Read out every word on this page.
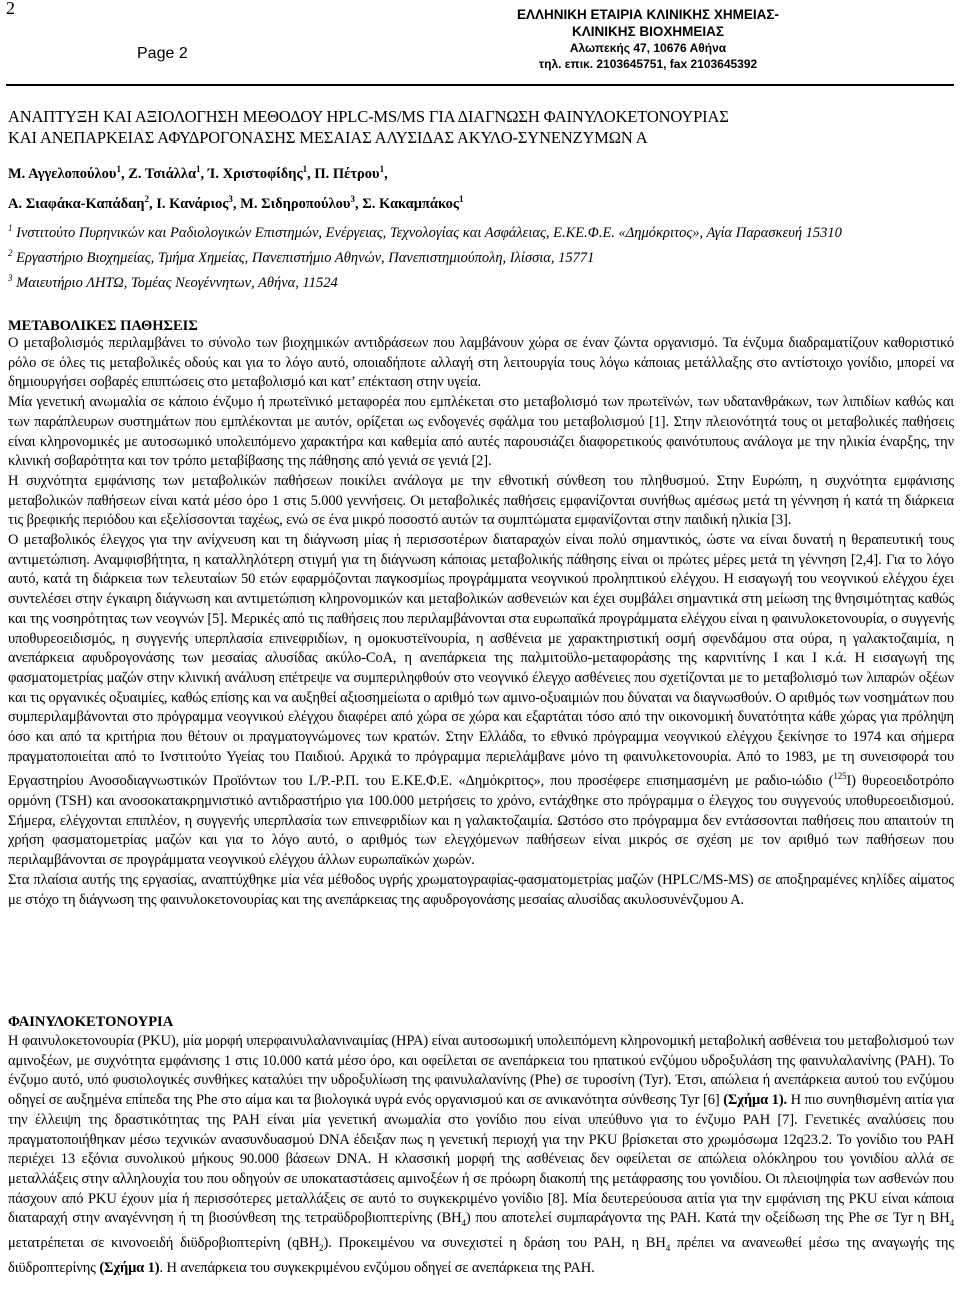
2
Page 2
ΕΛΛΗΝΙΚΗ ΕΤΑΙΡΙΑ ΚΛΙΝΙΚΗΣ ΧΗΜΕΙΑΣ-
ΚΛΙΝΙΚΗΣ ΒΙΟΧΗΜΕΙΑΣ
Αλωπεκής 47, 10676 Αθήνα
τηλ. επικ. 2103645751, fax 2103645392
ΑΝΑΠΤΥΞΗ ΚΑΙ ΑΞΙΟΛΟΓΗΣΗ ΜΕΘΟΔΟΥ HPLC-MS/MS ΓΙΑ ΔΙΑΓΝΩΣΗ ΦΑΙΝΥΛΟΚΕΤΟΝΟΥΡΙΑΣ
ΚΑΙ ΑΝΕΠΑΡΚΕΙΑΣ ΑΦΥΔΡΟΓΟΝΑΣΗΣ ΜΕΣΑΙΑΣ ΑΛΥΣΙΔΑΣ ΑΚΥΛΟ-ΣΥΝΕΝΖΥΜΩΝ Α
Μ. Αγγελοπούλου$^1$, Ζ. Τσιάλλα$^1$, Ί. Χριστοφίδης$^1$, Π. Πέτρου$^1$,
Α. Σιαφάκα-Καπάδαη$^2$, Ι. Κανάριος$^3$, Μ. Σιδηροπούλου$^3$, Σ. Κακαμπάκος$^1$
$^1$ Ινστιτούτο Πυρηνικών και Ραδιολογικών Επιστημών, Ενέργειας, Τεχνολογίας και Ασφάλειας, Ε.ΚΕ.Φ.Ε. «Δημόκριτος», Αγία Παρασκευή 15310
$^2$ Εργαστήριο Βιοχημείας, Τμήμα Χημείας, Πανεπιστήμιο Αθηνών, Πανεπιστημιούπολη, Ιλίσσια, 15771
$^3$ Μαιευτήριο ΛΗΤΩ, Τομέας Νεογέννητων, Αθήνα, 11524
ΜΕΤΑΒΟΛΙΚΕΣ ΠΑΘΗΣΕΙΣ

Ο μεταβολισμός περιλαμβάνει το σύνολο των βιοχημικών αντιδράσεων που λαμβάνουν χώρα σε έναν ζώντα οργανισμό. Τα ένζυμα διαδραματίζουν καθοριστικό ρόλο σε όλες τις μεταβολικές οδούς και για το λόγο αυτό, οποιαδήποτε αλλαγή στη λειτουργία τους λόγω κάποιας μετάλλαξης στο αντίστοιχο γονίδιο, μπορεί να δημιουργήσει σοβαρές επιπτώσεις στο μεταβολισμό και κατ’ επέκταση στην υγεία.

Μία γενετική ανωμαλία σε κάποιο ένζυμο ή πρωτεϊνικό μεταφορέα που εμπλέκεται στο μεταβολισμό των πρωτεϊνών, των υδατανθράκων, των λιπιδίων καθώς και των παράπλευρων συστημάτων που εμπλέκονται με αυτόν, ορίζεται ως ενδογενές σφάλμα του μεταβολισμού [1]. Στην πλειονότητά τους οι μεταβολικές παθήσεις είναι κληρονομικές με αυτοσωμικό υπολειπόμενο χαρακτήρα και καθεμία από αυτές παρουσιάζει διαφορετικούς φαινότυπους ανάλογα με την ηλικία έναρξης, την κλινική σοβαρότητα και τον τρόπο μεταβίβασης της πάθησης από γενιά σε γενιά [2].

Η συχνότητα εμφάνισης των μεταβολικών παθήσεων ποικίλει ανάλογα με την εθνοτική σύνθεση του πληθυσμού. Στην Ευρώπη, η συχνότητα εμφάνισης μεταβολικών παθήσεων είναι κατά μέσο όρο 1 στις 5.000 γεννήσεις. Οι μεταβολικές παθήσεις εμφανίζονται συνήθως αμέσως μετά τη γέννηση ή κατά τη διάρκεια τις βρεφικής περιόδου και εξελίσσονται ταχέως, ενώ σε ένα μικρό ποσοστό αυτών τα συμπτώματα εμφανίζονται στην παιδική ηλικία [3].

Ο μεταβολικός έλεγχος για την ανίχνευση και τη διάγνωση μίας ή περισσοτέρων διαταραχών είναι πολύ σημαντικός, ώστε να είναι δυνατή η θεραπευτική τους αντιμετώπιση. Αναμφισβήτητα, η καταλληλότερη στιγμή για τη διάγνωση κάποιας μεταβολικής πάθησης είναι οι πρώτες μέρες μετά τη γέννηση [2,4]. Για το λόγο αυτό, κατά τη διάρκεια των τελευταίων 50 ετών εφαρμόζονται παγκοσμίως προγράμματα νεογνικού προληπτικού ελέγχου. Η εισαγωγή του νεογνικού ελέγχου έχει συντελέσει στην έγκαιρη διάγνωση και αντιμετώπιση κληρονομικών και μεταβολικών ασθενειών και έχει συμβάλει σημαντικά στη μείωση της θνησιμότητας καθώς και της νοσηρότητας των νεογνών [5]. Μερικές από τις παθήσεις που περιλαμβάνονται στα ευρωπαϊκά προγράμματα ελέγχου είναι η φαινυλοκετονουρία, ο συγγενής υποθυρεοειδισμός, η συγγενής υπερπλασία επινεφριδίων, η ομοκυστεϊνουρία, η ασθένεια με χαρακτηριστική οσμή σφενδάμου στα ούρα, η γαλακτοζαιμία, η ανεπάρκεια αφυδρογονάσης των μεσαίας αλυσίδας ακύλο-CoA, η ανεπάρκεια της παλμιτοϋλο-μεταφοράσης της καρνιτίνης Ι και Ι κ.ά. Η εισαγωγή της φασματομετρίας μαζών στην κλινική ανάλυση επέτρεψε να συμπεριληφθούν στο νεογνικό έλεγχο ασθένειες που σχετίζονται με το μεταβολισμό των λιπαρών οξέων και τις οργανικές οξυαιμίες, καθώς επίσης και να αυξηθεί αξιοσημείωτα ο αριθμό των αμινο-οξυαιμιών που δύναται να διαγνωσθούν. Ο αριθμός των νοσημάτων που συμπεριλαμβάνονται στο πρόγραμμα νεογνικού ελέγχου διαφέρει από χώρα σε χώρα και εξαρτάται τόσο από την οικονομική δυνατότητα κάθε χώρας για πρόληψη όσο και από τα κριτήρια που θέτουν οι πραγματογνώμονες των κρατών. Στην Ελλάδα, το εθνικό πρόγραμμα νεογνικού ελέγχου ξεκίνησε το 1974 και σήμερα πραγματοποιείται από το Ινστιτούτο Υγείας του Παιδιού. Αρχικά το πρόγραμμα περιελάμβανε μόνο τη φαινυλκετονουρία. Από το 1983, με τη συνεισφορά του Εργαστηρίου Ανοσοδιαγνωστικών Προϊόντων του Ι./Ρ.-Ρ.Π. του Ε.ΚΕ.Φ.Ε. «Δημόκριτος», που προσέφερε επισημασμένη με ραδιο-ιώδιο ($^{125}$Ι) θυρεοειδοτρόπο ορμόνη (TSH) και ανοσοκατακρημνιστικό αντιδραστήριο για 100.000 μετρήσεις το χρόνο, εντάχθηκε στο πρόγραμμα ο έλεγχος του συγγενούς υποθυρεοειδισμού. Σήμερα, ελέγχονται επιπλέον, η συγγενής υπερπλασία των επινεφριδίων και η γαλακτοζαιμία. Ωστόσο στο πρόγραμμα δεν εντάσσονται παθήσεις που απαιτούν τη χρήση φασματομετρίας μαζών και για το λόγο αυτό, ο αριθμός των ελεγχόμενων παθήσεων είναι μικρός σε σχέση με τον αριθμό των παθήσεων που περιλαμβάνονται σε προγράμματα νεογνικού ελέγχου άλλων ευρωπαϊκών χωρών.

Στα πλαίσια αυτής της εργασίας, αναπτύχθηκε μία νέα μέθοδος υγρής χρωματογραφίας-φασματομετρίας μαζών (HPLC/MS-MS) σε αποξηραμένες κηλίδες αίματος με στόχο τη διάγνωση της φαινυλοκετονουρίας και της ανεπάρκειας της αφυδρογονάσης μεσαίας αλυσίδας ακυλοσυνένζυμου Α.

ΦΑΙΝΥΛΟΚΕΤΟΝΟΥΡΙΑ

Η φαινυλοκετονουρία (PKU), μία μορφή υπερφαινυλαλανιναιμίας (HPA) είναι αυτοσωμική υπολειπόμενη κληρονομική μεταβολική ασθένεια του μεταβολισμού των αμινοξέων, με συχνότητα εμφάνισης 1 στις 10.000 κατά μέσο όρο, και οφείλεται σε ανεπάρκεια του ηπατικού ενζύμου υδροξυλάση της φαινυλαλανίνης (PAH). Το ένζυμο αυτό, υπό φυσιολογικές συνθήκες καταλύει την υδροξυλίωση της φαινυλαλανίνης (Phe) σε τυροσίνη (Tyr). Έτσι, απώλεια ή ανεπάρκεια αυτού του ενζύμου οδηγεί σε αυξημένα επίπεδα της Phe στο αίμα και τα βιολογικά υγρά ενός οργανισμού και σε ανικανότητα σύνθεσης Tyr [6] (Σχήμα 1). Η πιο συνηθισμένη αιτία για την έλλειψη της δραστικότητας της PAH είναι μία γενετική ανωμαλία στο γονίδιο που είναι υπεύθυνο για το ένζυμο PAH [7]. Γενετικές αναλύσεις που πραγματοποιήθηκαν μέσω τεχνικών ανασυνδυασμού DNA έδειξαν πως η γενετική περιοχή για την PKU βρίσκεται στο χρωμόσωμα 12q23.2. Το γονίδιο του PAH περιέχει 13 εξόνια συνολικού μήκους 90.000 βάσεων DNA. Η κλασσική μορφή της ασθένειας δεν οφείλεται σε απώλεια ολόκληρου του γονιδίου αλλά σε μεταλλάξεις στην αλληλουχία του που οδηγούν σε υποκαταστάσεις αμινοξέων ή σε πρόωρη διακοπή της μετάφρασης του γονιδίου. Οι πλειοψηφία των ασθενών που πάσχουν από PKU έχουν μία ή περισσότερες μεταλλάξεις σε αυτό το συγκεκριμένο γονίδιο [8]. Μία δευτερεύουσα αιτία για την εμφάνιση της PKU είναι κάποια διαταραχή στην αναγέννηση ή τη βιοσύνθεση της τετραϋδροβιοπτερίνης $(BH_4)$ που αποτελεί συμπαράγοντα της PAH. Κατά την οξείδωση της Phe σε Tyr η $BH_4$ μετατρέπεται σε κινονοειδή διϋδροβιοπτερίνη (qBH$_2$). Προκειμένου να συνεχιστεί η δράση του PAH, η $BH_4$ πρέπει να ανανεωθεί μέσω της αναγωγής της διϋδροπτερίνης (Σχήμα 1). Η ανεπάρκεια του συγκεκριμένου ενζύμου οδηγεί σε ανεπάρκεια της PAH.
